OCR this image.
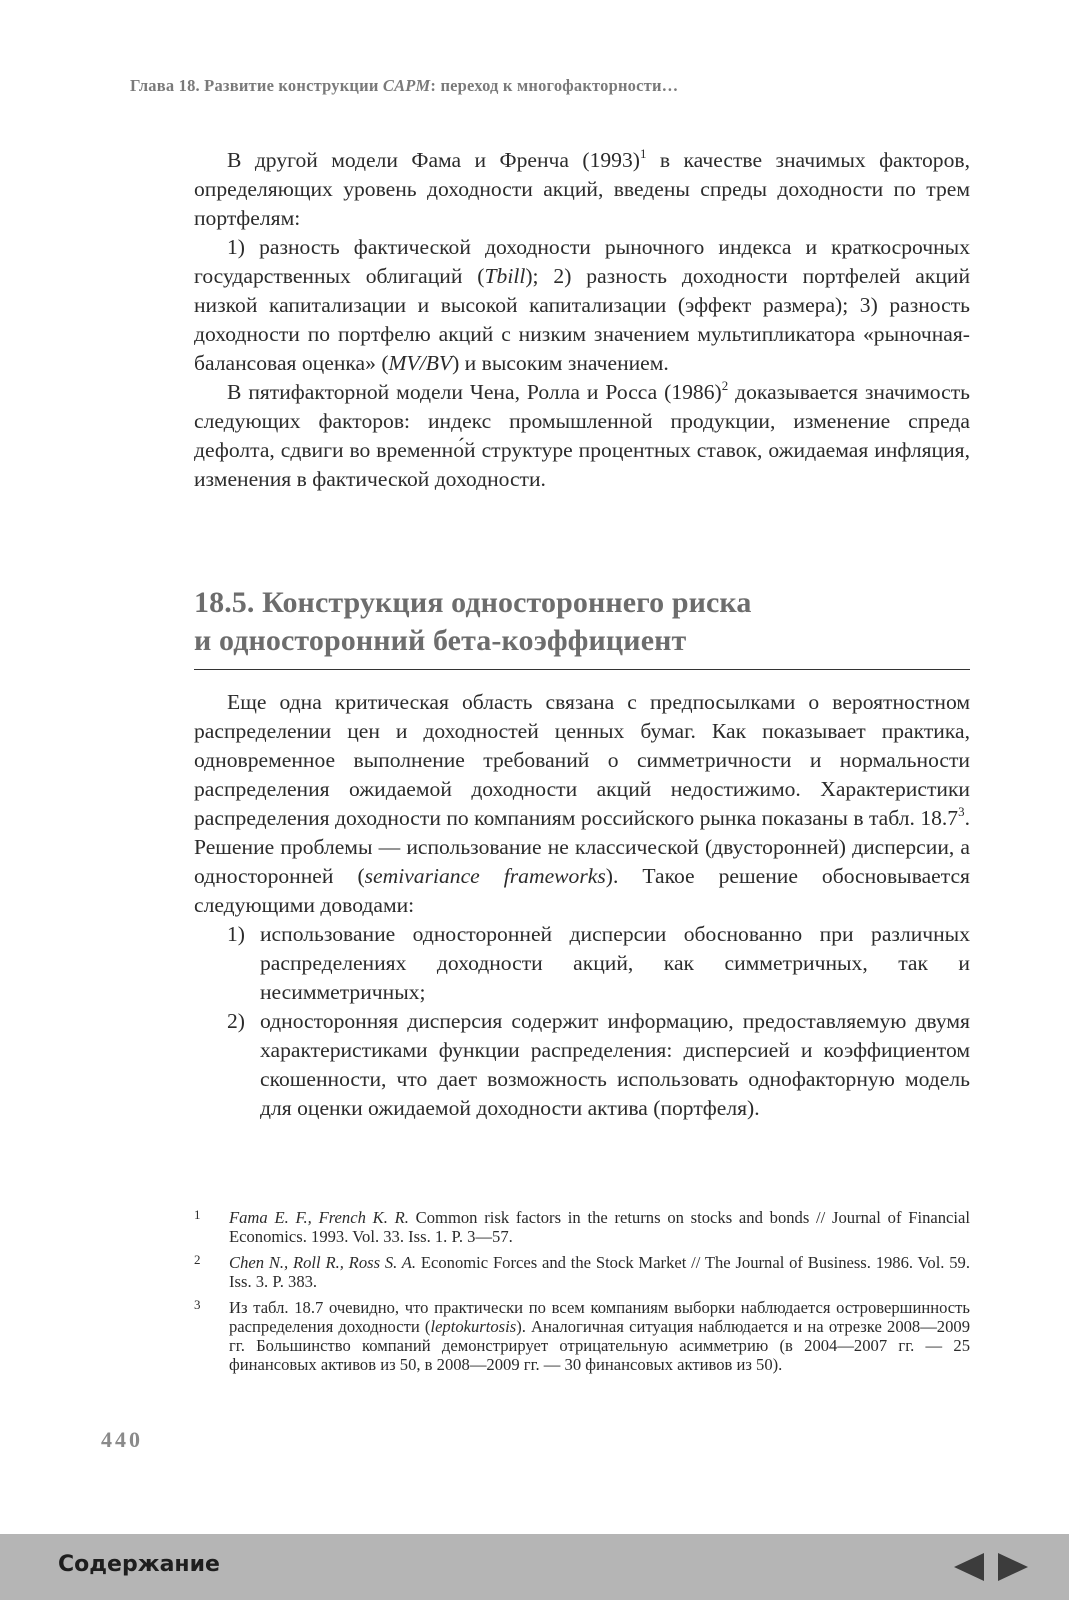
Глава 18. Развитие конструкции CAPM: переход к многофакторности…

В другой модели Фама и Френча $(1993)^1$ в качестве значимых факторов, определяющих уровень доходности акций, введены спреды доходности по трем портфелям:

1) разность фактической доходности рыночного индекса и краткосрочных государственных облигаций (Tbill); 2) разность доходности портфелей акций низкой капитализации и высокой капитализации (эффект размера); 3) разность доходности по портфелю акций с низким значением мультипликатора «рыночная-балансовая оценка» (MV/BV) и высоким значением.

В пятифакторной модели Чена, Ролла и Росса $(1986)^2$ доказывается значимость следующих факторов: индекс промышленной продукции, изменение спреда дефолта, сдвиги во временно́й структуре процентных ставок, ожидаемая инфляция, изменения в фактической доходности.

18.5. Конструкция одностороннего риска
и односторонний бета-коэффициент

Еще одна критическая область связана с предпосылками о вероятностном распределении цен и доходностей ценных бумаг. Как показывает практика, одновременное выполнение требований о симметричности и нормальности распределения ожидаемой доходности акций недостижимо. Характеристики распределения доходности по компаниям российского рынка показаны в табл. 18.7$^3$. Решение проблемы — использование не классической (двусторонней) дисперсии, а односторонней (semivariance frameworks). Такое решение обосновывается следующими доводами:

1) использование односторонней дисперсии обоснованно при различных распределениях доходности акций, как симметричных, так и несимметричных;
2) односторонняя дисперсия содержит информацию, предоставляемую двумя характеристиками функции распределения: дисперсией и коэффициентом скошенности, что дает возможность использовать однофакторную модель для оценки ожидаемой доходности актива (портфеля).
1	Fama E. F., French K. R. Common risk factors in the returns on stocks and bonds // Journal of Financial Economics. 1993. Vol. 33. Iss. 1. P. 3—57.
2	Chen N., Roll R., Ross S. A. Economic Forces and the Stock Market // The Journal of Business. 1986. Vol. 59. Iss. 3. P. 383.
3	Из табл. 18.7 очевидно, что практически по всем компаниям выборки наблюдается островершинность распределения доходности (leptokurtosis). Аналогичная ситуация наблюдается и на отрезке 2008—2009 гг. Большинство компаний демонстрирует отрицательную асимметрию (в 2004—2007 гг. — 25 финансовых активов из 50, в 2008—2009 гг. — 30 финансовых активов из 50).
440
Содержание
